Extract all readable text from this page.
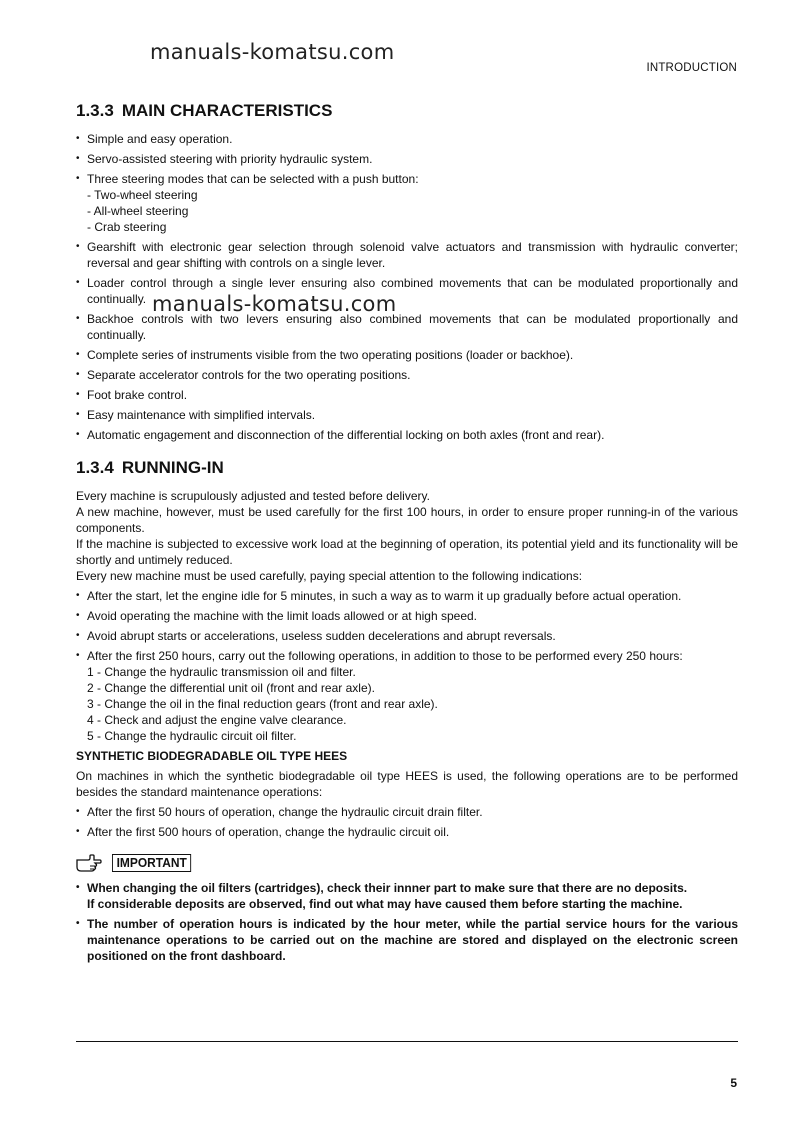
INTRODUCTION
manuals-komatsu.com
manuals-komatsu.com
1.3.3 MAIN CHARACTERISTICS
• Simple and easy operation.
• Servo-assisted steering with priority hydraulic system.
• Three steering modes that can be selected with a push button:
- Two-wheel steering
- All-wheel steering
- Crab steering
• Gearshift with electronic gear selection through solenoid valve actuators and transmission with hydraulic converter; reversal and gear shifting with controls on a single lever.
• Loader control through a single lever ensuring also combined movements that can be modulated proportionally and continually.
• Backhoe controls with two levers ensuring also combined movements that can be modulated proportionally and continually.
• Complete series of instruments visible from the two operating positions (loader or backhoe).
• Separate accelerator controls for the two operating positions.
• Foot brake control.
• Easy maintenance with simplified intervals.
• Automatic engagement and disconnection of the differential locking on both axles (front and rear).
1.3.4 RUNNING-IN

Every machine is scrupulously adjusted and tested before delivery.

A new machine, however, must be used carefully for the first 100 hours, in order to ensure proper running-in of the various components.

If the machine is subjected to excessive work load at the beginning of operation, its potential yield and its functionality will be shortly and untimely reduced.

Every new machine must be used carefully, paying special attention to the following indications:

• After the start, let the engine idle for 5 minutes, in such a way as to warm it up gradually before actual operation.
• Avoid operating the machine with the limit loads allowed or at high speed.
• Avoid abrupt starts or accelerations, useless sudden decelerations and abrupt reversals.
• After the first 250 hours, carry out the following operations, in addition to those to be performed every 250 hours:
1 - Change the hydraulic transmission oil and filter.
2 - Change the differential unit oil (front and rear axle).
3 - Change the oil in the final reduction gears (front and rear axle).
4 - Check and adjust the engine valve clearance.
5 - Change the hydraulic circuit oil filter.
SYNTHETIC BIODEGRADABLE OIL TYPE HEES

On machines in which the synthetic biodegradable oil type HEES is used, the following operations are to be performed besides the standard maintenance operations:

• After the first 50 hours of operation, change the hydraulic circuit drain filter.
• After the first 500 hours of operation, change the hydraulic circuit oil.
IMPORTANT
• When changing the oil filters (cartridges), check their innner part to make sure that there are no deposits.
If considerable deposits are observed, find out what may have caused them before starting the machine.
• The number of operation hours is indicated by the hour meter, while the partial service hours for the various maintenance operations to be carried out on the machine are stored and displayed on the electronic screen positioned on the front dashboard.
5
